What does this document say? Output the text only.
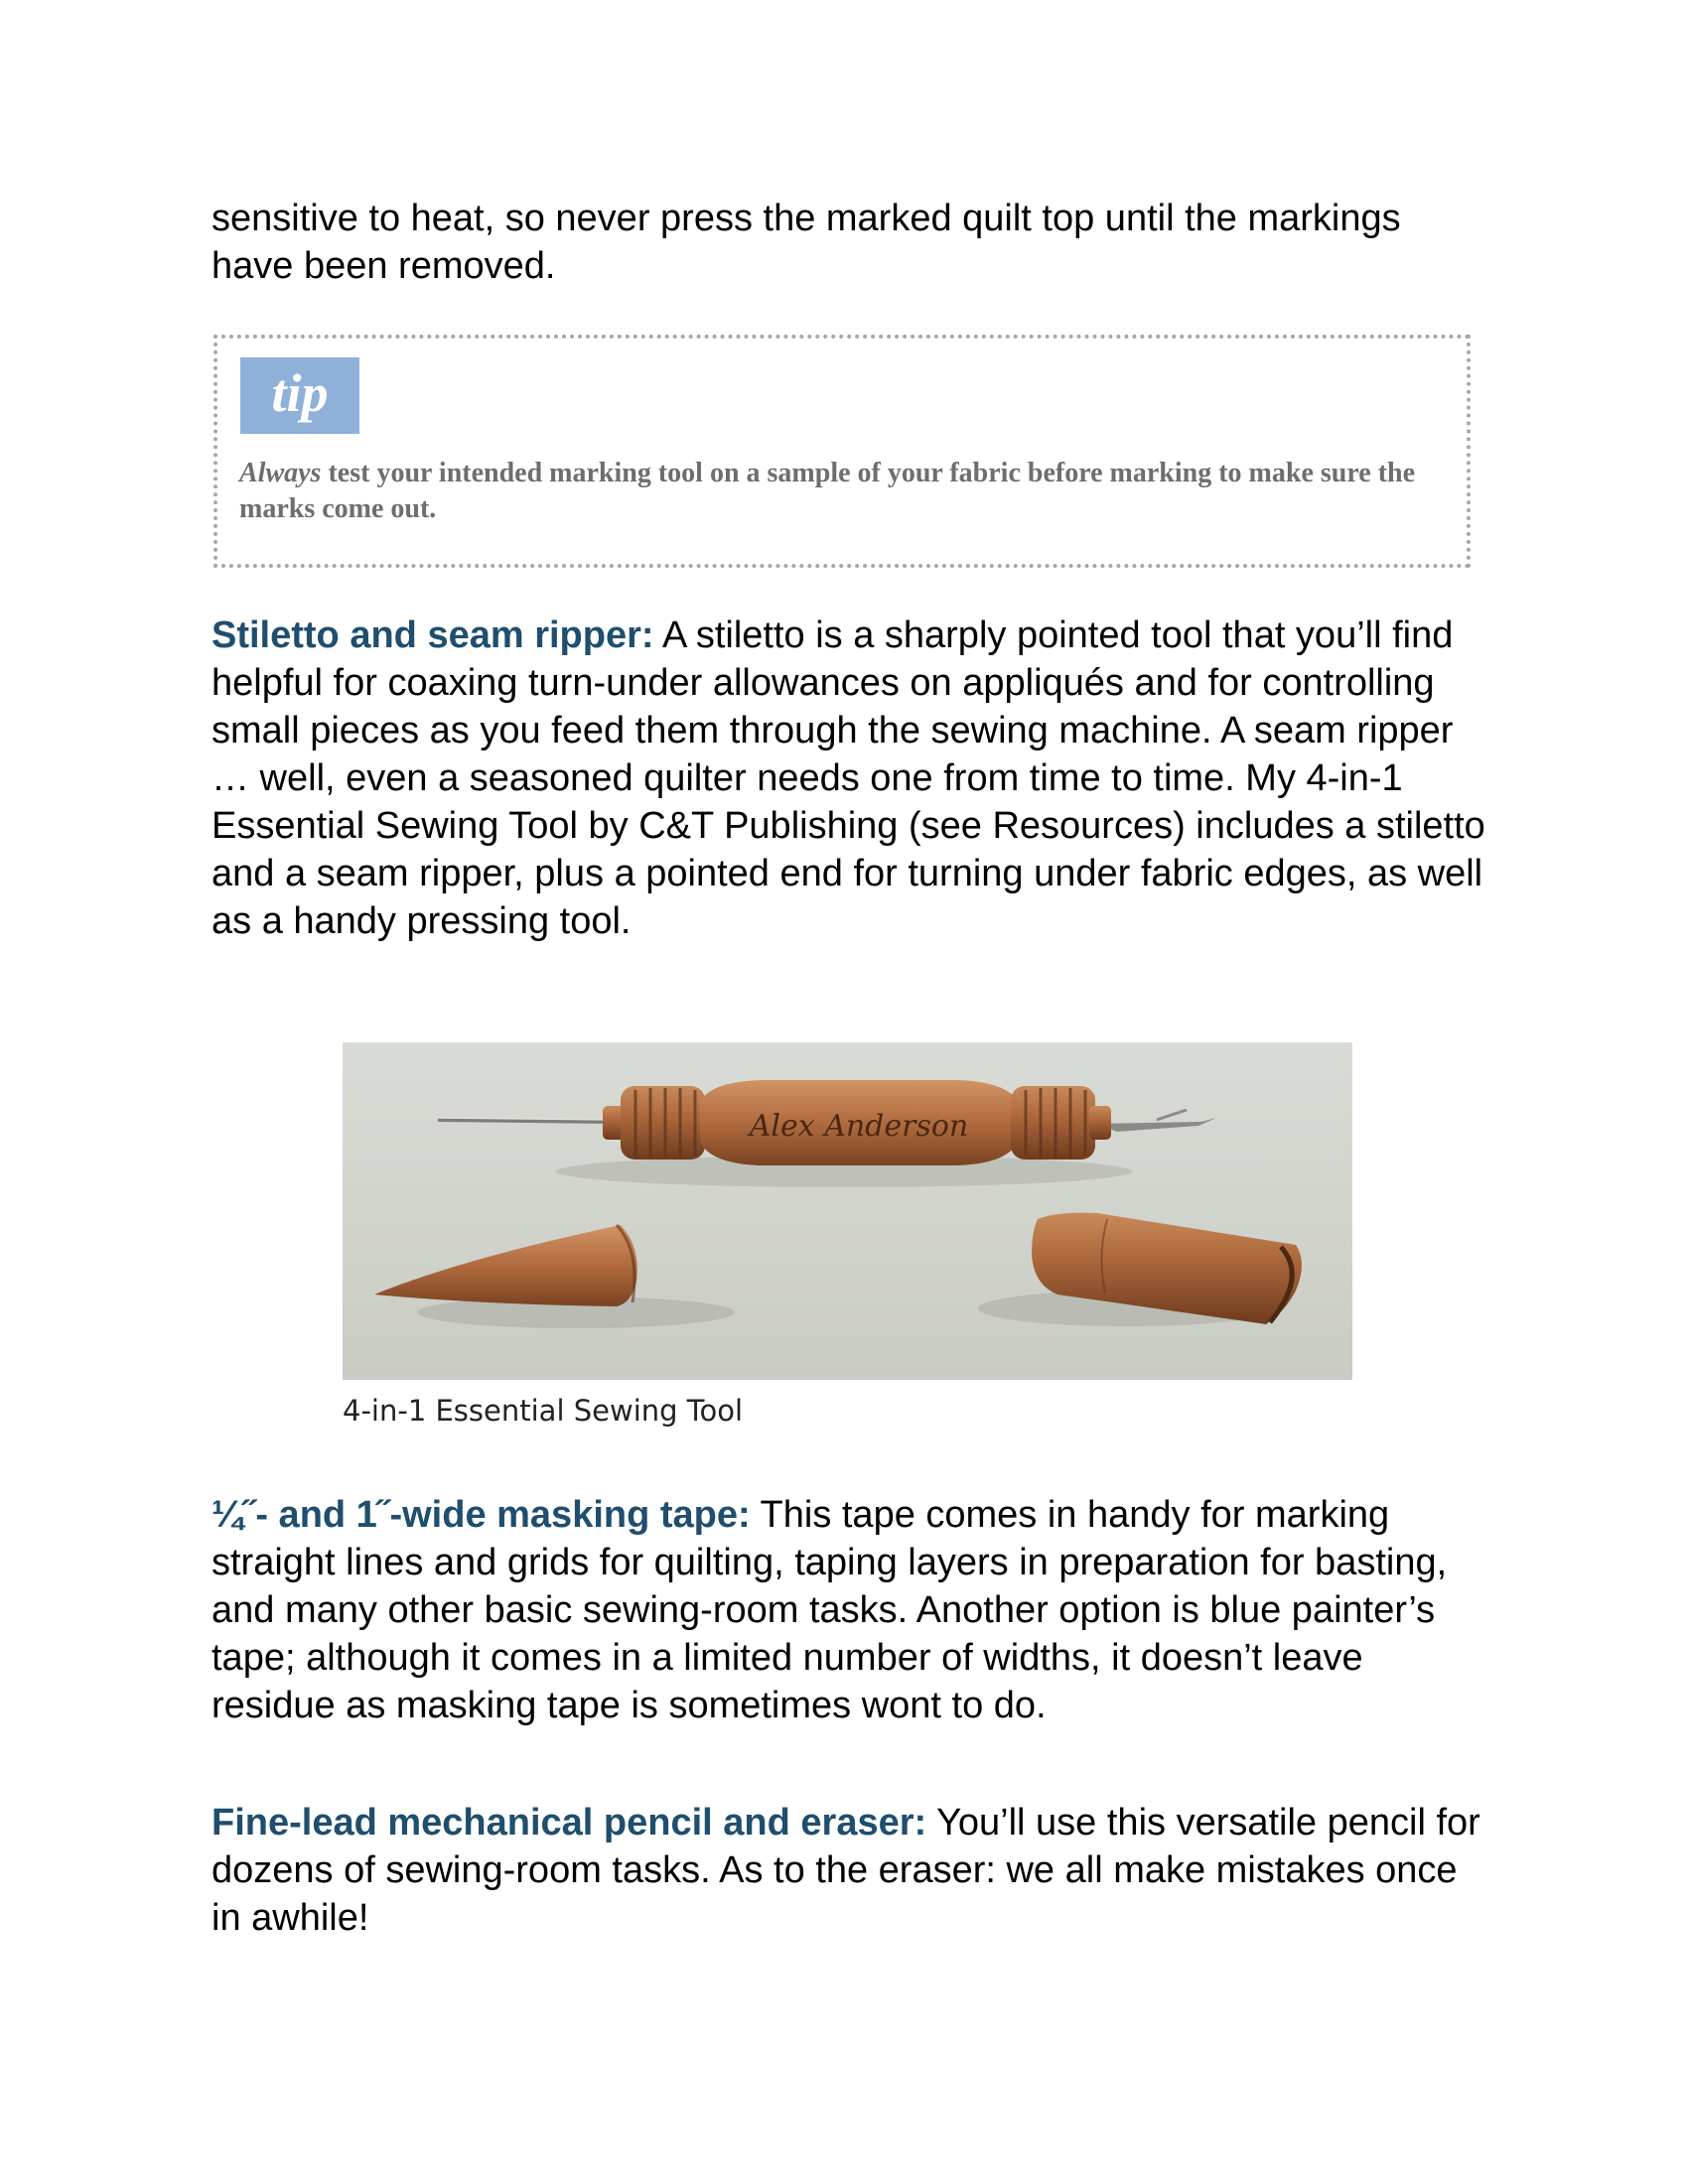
sensitive to heat, so never press the marked quilt top until the markings have been removed.

tip

Always test your intended marking tool on a sample of your fabric before marking to make sure the marks come out.

Stiletto and seam ripper: A stiletto is a sharply pointed tool that you’ll find helpful for coaxing turn-under allowances on appliqués and for controlling small pieces as you feed them through the sewing machine. A seam ripper … well, even a seasoned quilter needs one from time to time. My 4-in-1 Essential Sewing Tool by C&T Publishing (see Resources) includes a stiletto and a seam ripper, plus a pointed end for turning under fabric edges, as well as a handy pressing tool.

Alex Anderson
4-in-1 Essential Sewing Tool

¼˝- and 1˝-wide masking tape: This tape comes in handy for marking straight lines and grids for quilting, taping layers in preparation for basting, and many other basic sewing-room tasks. Another option is blue painter’s tape; although it comes in a limited number of widths, it doesn’t leave residue as masking tape is sometimes wont to do.

Fine-lead mechanical pencil and eraser: You’ll use this versatile pencil for dozens of sewing-room tasks. As to the eraser: we all make mistakes once in awhile!
